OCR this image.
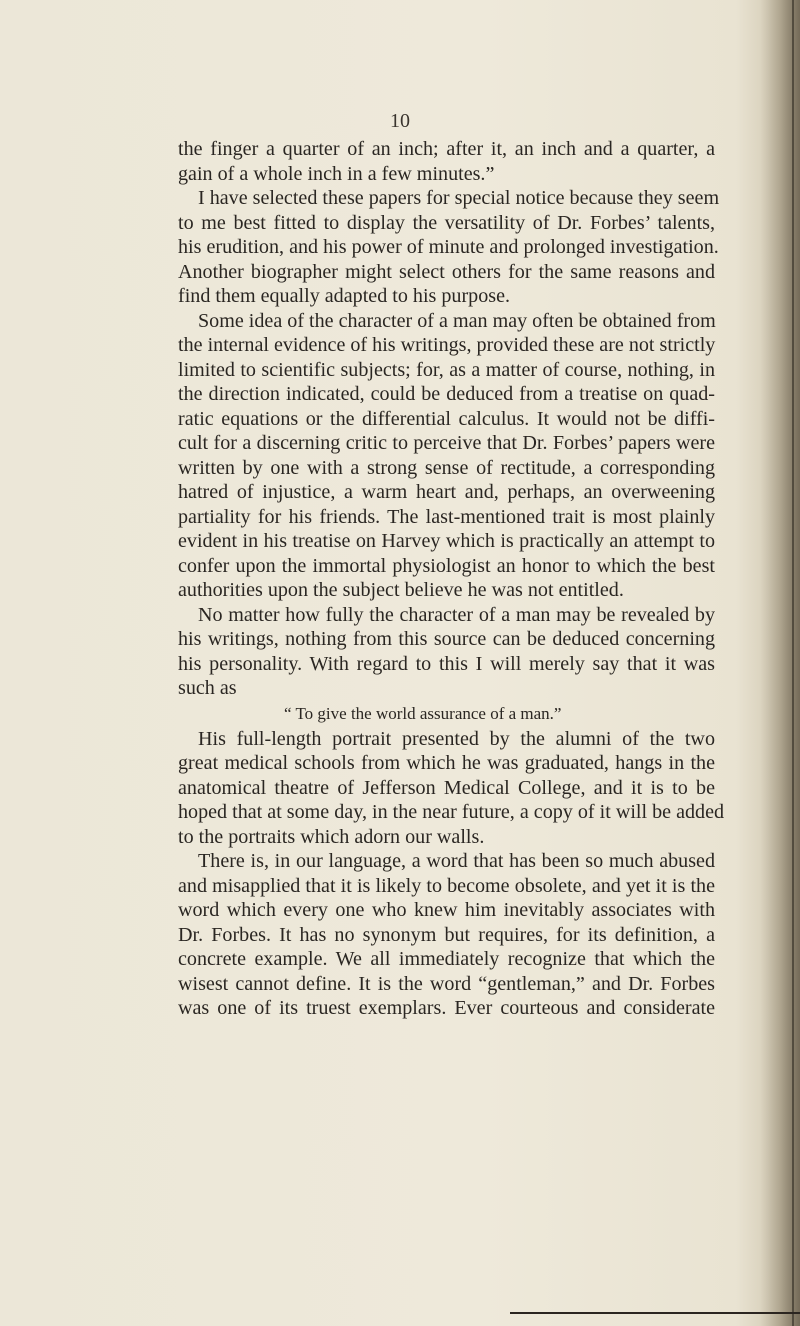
10
the finger a quarter of an inch; after it, an inch and a quarter, a
gain of a whole inch in a few minutes.”
I have selected these papers for special notice because they seem
to me best fitted to display the versatility of Dr. Forbes’ talents,
his erudition, and his power of minute and prolonged investigation.
Another biographer might select others for the same reasons and
find them equally adapted to his purpose.
Some idea of the character of a man may often be obtained from
the internal evidence of his writings, provided these are not strictly
limited to scientific subjects; for, as a matter of course, nothing, in
the direction indicated, could be deduced from a treatise on quad-
ratic equations or the differential calculus. It would not be diffi-
cult for a discerning critic to perceive that Dr. Forbes’ papers were
written by one with a strong sense of rectitude, a corresponding
hatred of injustice, a warm heart and, perhaps, an overweening
partiality for his friends. The last-mentioned trait is most plainly
evident in his treatise on Harvey which is practically an attempt to
confer upon the immortal physiologist an honor to which the best
authorities upon the subject believe he was not entitled.
No matter how fully the character of a man may be revealed by
his writings, nothing from this source can be deduced concerning
his personality. With regard to this I will merely say that it was
such as
“ To give the world assurance of a man.”
His full-length portrait presented by the alumni of the two
great medical schools from which he was graduated, hangs in the
anatomical theatre of Jefferson Medical College, and it is to be
hoped that at some day, in the near future, a copy of it will be added
to the portraits which adorn our walls.
There is, in our language, a word that has been so much abused
and misapplied that it is likely to become obsolete, and yet it is the
word which every one who knew him inevitably associates with
Dr. Forbes. It has no synonym but requires, for its definition, a
concrete example. We all immediately recognize that which the
wisest cannot define. It is the word “gentleman,” and Dr. Forbes
was one of its truest exemplars. Ever courteous and considerate
